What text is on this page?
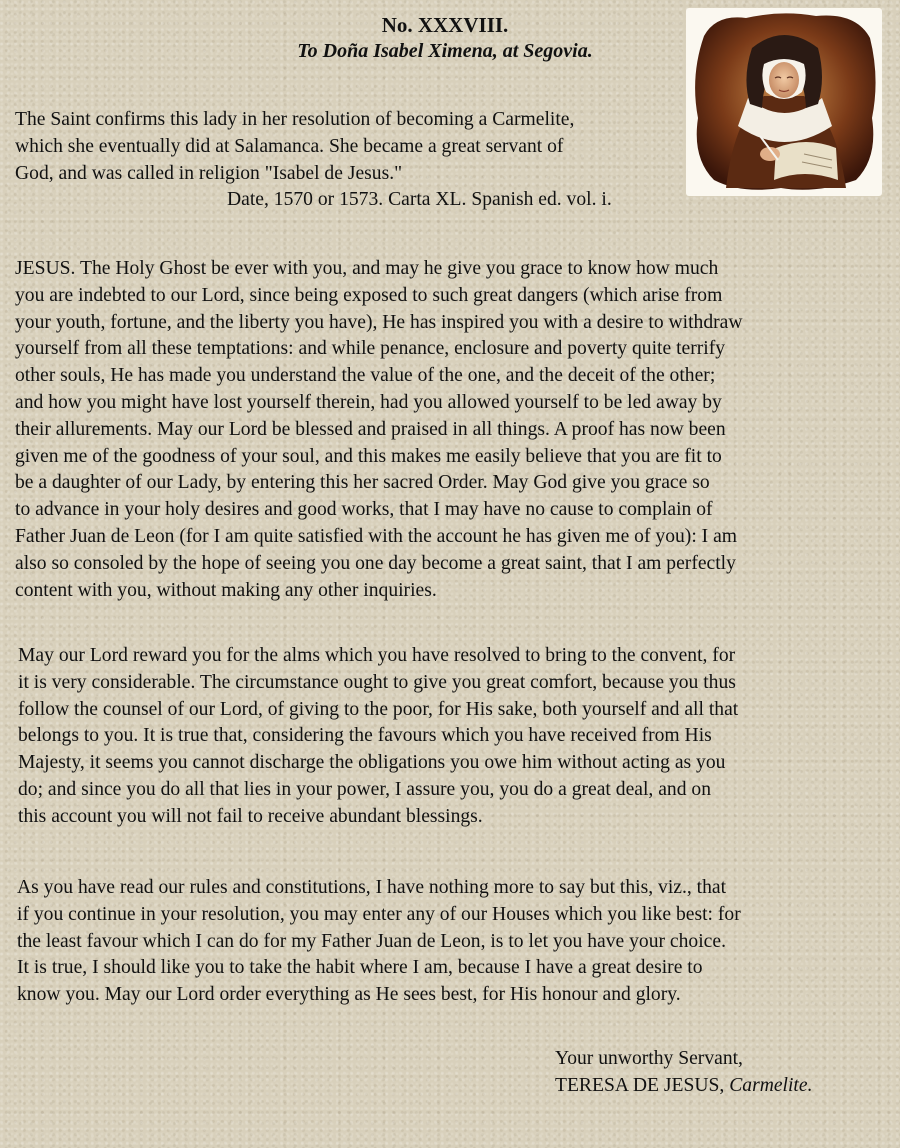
No. XXXVIII.
To Doña Isabel Ximena, at Segovia.
The Saint confirms this lady in her resolution of becoming a Carmelite,
which she eventually did at Salamanca. She became a great servant of
God, and was called in religion "Isabel de Jesus."
Date, 1570 or 1573. Carta XL. Spanish ed. vol. i.
JESUS. The Holy Ghost be ever with you, and may he give you grace to know how much
you are indebted to our Lord, since being exposed to such great dangers (which arise from
your youth, fortune, and the liberty you have), He has inspired you with a desire to withdraw
yourself from all these temptations: and while penance, enclosure and poverty quite terrify
other souls, He has made you understand the value of the one, and the deceit of the other;
and how you might have lost yourself therein, had you allowed yourself to be led away by
their allurements. May our Lord be blessed and praised in all things. A proof has now been
given me of the goodness of your soul, and this makes me easily believe that you are fit to
be a daughter of our Lady, by entering this her sacred Order. May God give you grace so
to advance in your holy desires and good works, that I may have no cause to complain of
Father Juan de Leon (for I am quite satisfied with the account he has given me of you): I am
also so consoled by the hope of seeing you one day become a great saint, that I am perfectly
content with you, without making any other inquiries.
May our Lord reward you for the alms which you have resolved to bring to the convent, for
it is very considerable. The circumstance ought to give you great comfort, because you thus
follow the counsel of our Lord, of giving to the poor, for His sake, both yourself and all that
belongs to you. It is true that, considering the favours which you have received from His
Majesty, it seems you cannot discharge the obligations you owe him without acting as you
do; and since you do all that lies in your power, I assure you, you do a great deal, and on
this account you will not fail to receive abundant blessings.
As you have read our rules and constitutions, I have nothing more to say but this, viz., that
if you continue in your resolution, you may enter any of our Houses which you like best: for
the least favour which I can do for my Father Juan de Leon, is to let you have your choice.
It is true, I should like you to take the habit where I am, because I have a great desire to
know you. May our Lord order everything as He sees best, for His honour and glory.
Your unworthy Servant,
TERESA DE JESUS, Carmelite.
